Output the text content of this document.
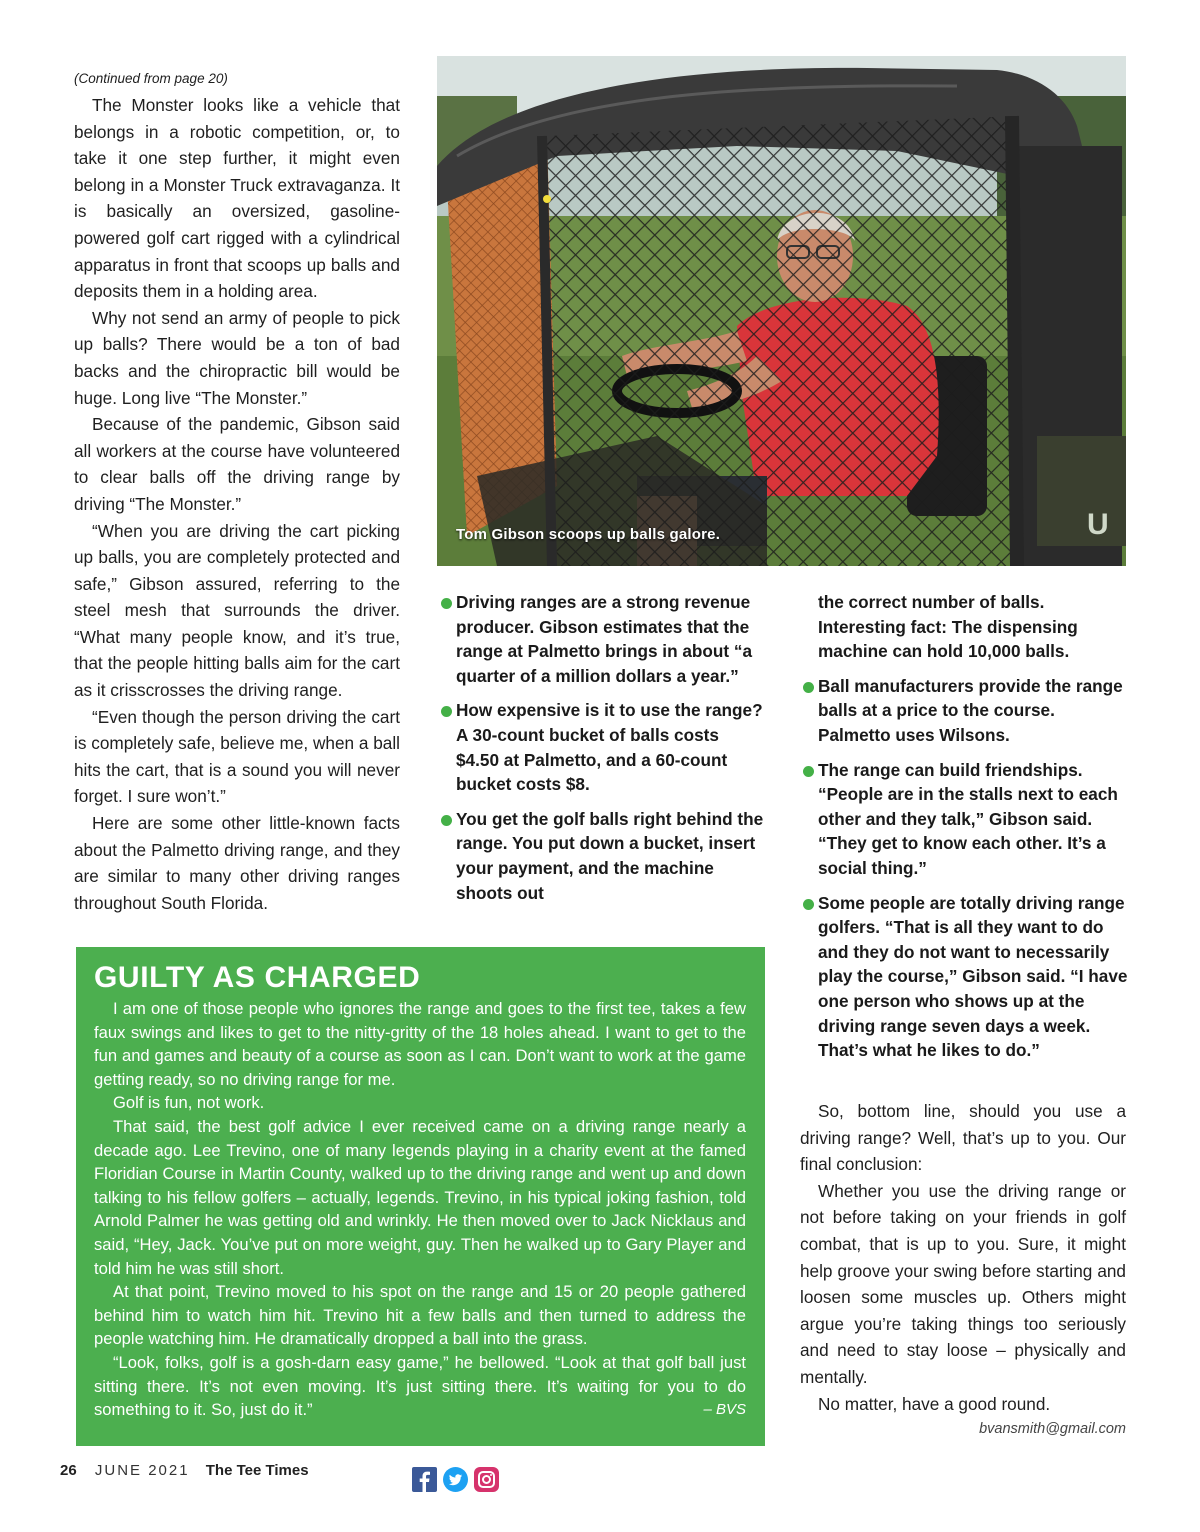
(Continued from page 20)

The Monster looks like a vehicle that belongs in a robotic competition, or, to take it one step further, it might even belong in a Monster Truck extravaganza. It is basically an oversized, gasoline-powered golf cart rigged with a cylindrical apparatus in front that scoops up balls and deposits them in a holding area.

Why not send an army of people to pick up balls? There would be a ton of bad backs and the chiropractic bill would be huge. Long live “The Monster.”

Because of the pandemic, Gibson said all workers at the course have volunteered to clear balls off the driving range by driving “The Monster.”

“When you are driving the cart picking up balls, you are completely protected and safe,” Gibson assured, referring to the steel mesh that surrounds the driver. “What many people know, and it’s true, that the people hitting balls aim for the cart as it crisscrosses the driving range.

“Even though the person driving the cart is completely safe, believe me, when a ball hits the cart, that is a sound you will never forget. I sure won’t.”

Here are some other little-known facts about the Palmetto driving range, and they are similar to many other driving ranges throughout South Florida.

U
Tom Gibson scoops up balls galore.
Driving ranges are a strong revenue producer. Gibson estimates that the range at Palmetto brings in about “a quarter of a million dollars a year.”
How expensive is it to use the range? A 30-count bucket of balls costs $4.50 at Palmetto, and a 60-count bucket costs $8.
You get the golf balls right behind the range. You put down a bucket, insert your payment, and the machine shoots out
the correct number of balls. Interesting fact: The dispensing machine can hold 10,000 balls.
Ball manufacturers provide the range balls at a price to the course. Palmetto uses Wilsons.
The range can build friendships. “People are in the stalls next to each other and they talk,” Gibson said. “They get to know each other. It’s a social thing.”
Some people are totally driving range golfers. “That is all they want to do and they do not want to necessarily play the course,” Gibson said. “I have one person who shows up at the driving range seven days a week. That’s what he likes to do.”
GUILTY AS CHARGED

I am one of those people who ignores the range and goes to the first tee, takes a few faux swings and likes to get to the nitty-gritty of the 18 holes ahead. I want to get to the fun and games and beauty of a course as soon as I can. Don’t want to work at the game getting ready, so no driving range for me.

Golf is fun, not work.

That said, the best golf advice I ever received came on a driving range nearly a decade ago. Lee Trevino, one of many legends playing in a charity event at the famed Floridian Course in Martin County, walked up to the driving range and went up and down talking to his fellow golfers – actually, legends. Trevino, in his typical joking fashion, told Arnold Palmer he was getting old and wrinkly. He then moved over to Jack Nicklaus and said, “Hey, Jack. You’ve put on more weight, guy. Then he walked up to Gary Player and told him he was still short.

At that point, Trevino moved to his spot on the range and 15 or 20 people gathered behind him to watch him hit. Trevino hit a few balls and then turned to address the people watching him. He dramatically dropped a ball into the grass.

“Look, folks, golf is a gosh-darn easy game,” he bellowed. “Look at that golf ball just sitting there. It’s not even moving. It’s just sitting there. It’s waiting for you to do something to it. So, just do it.”	– BVS

So, bottom line, should you use a driving range? Well, that’s up to you. Our final conclusion:

Whether you use the driving range or not before taking on your friends in golf combat, that is up to you. Sure, it might help groove your swing before starting and loosen some muscles up. Others might argue you’re taking things too seriously and need to stay loose – physically and mentally.

No matter, have a good round.

bvansmith@gmail.com
26 JUNE 2021 The Tee Times
